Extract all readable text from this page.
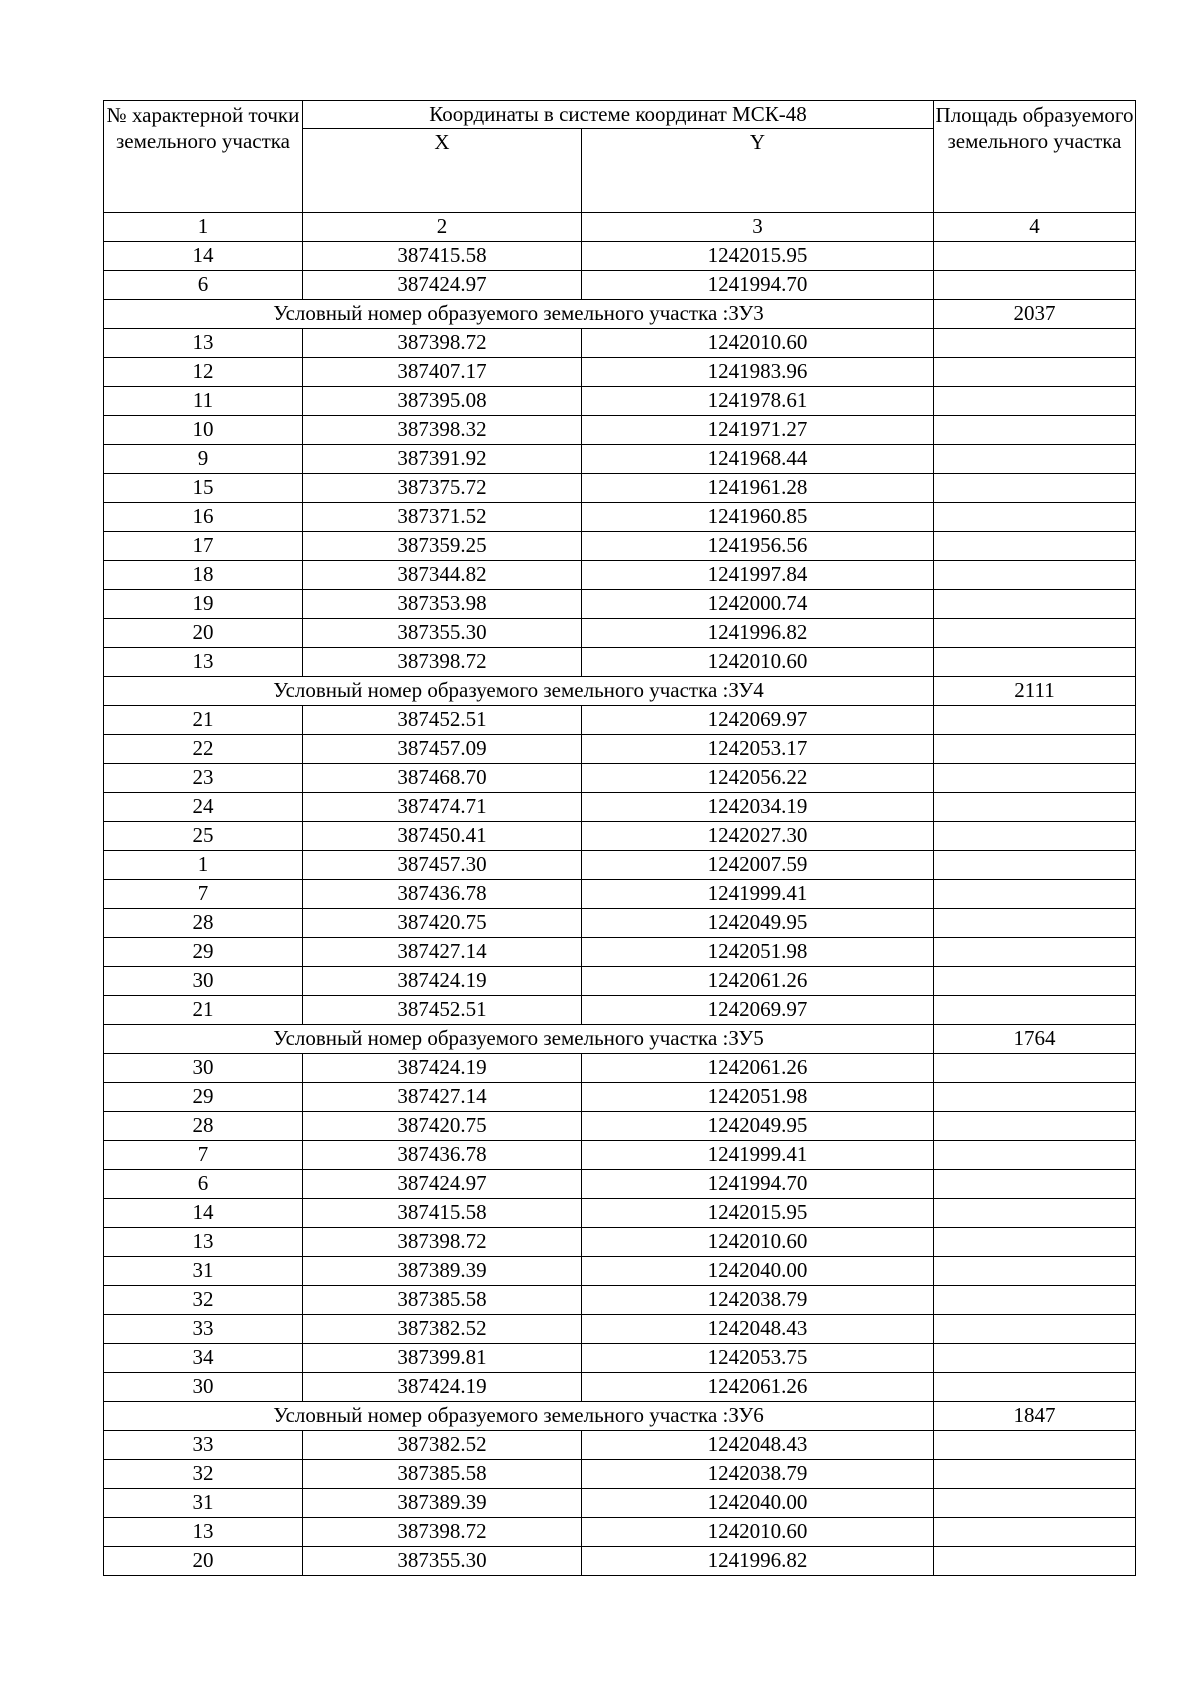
№ характерной точки земельного участка	Координаты в системе координат МСК-48		Площадь образуемого земельного участка
	X	Y	
1	2	3	4
14	387415.58	1242015.95	
6	387424.97	1241994.70	
Условный номер образуемого земельного участка :ЗУ3			2037
13	387398.72	1242010.60	
12	387407.17	1241983.96	
11	387395.08	1241978.61	
10	387398.32	1241971.27	
9	387391.92	1241968.44	
15	387375.72	1241961.28	
16	387371.52	1241960.85	
17	387359.25	1241956.56	
18	387344.82	1241997.84	
19	387353.98	1242000.74	
20	387355.30	1241996.82	
13	387398.72	1242010.60	
Условный номер образуемого земельного участка :ЗУ4			2111
21	387452.51	1242069.97	
22	387457.09	1242053.17	
23	387468.70	1242056.22	
24	387474.71	1242034.19	
25	387450.41	1242027.30	
1	387457.30	1242007.59	
7	387436.78	1241999.41	
28	387420.75	1242049.95	
29	387427.14	1242051.98	
30	387424.19	1242061.26	
21	387452.51	1242069.97	
Условный номер образуемого земельного участка :ЗУ5			1764
30	387424.19	1242061.26	
29	387427.14	1242051.98	
28	387420.75	1242049.95	
7	387436.78	1241999.41	
6	387424.97	1241994.70	
14	387415.58	1242015.95	
13	387398.72	1242010.60	
31	387389.39	1242040.00	
32	387385.58	1242038.79	
33	387382.52	1242048.43	
34	387399.81	1242053.75	
30	387424.19	1242061.26	
Условный номер образуемого земельного участка :ЗУ6			1847
33	387382.52	1242048.43	
32	387385.58	1242038.79	
31	387389.39	1242040.00	
13	387398.72	1242010.60	
20	387355.30	1241996.82	
